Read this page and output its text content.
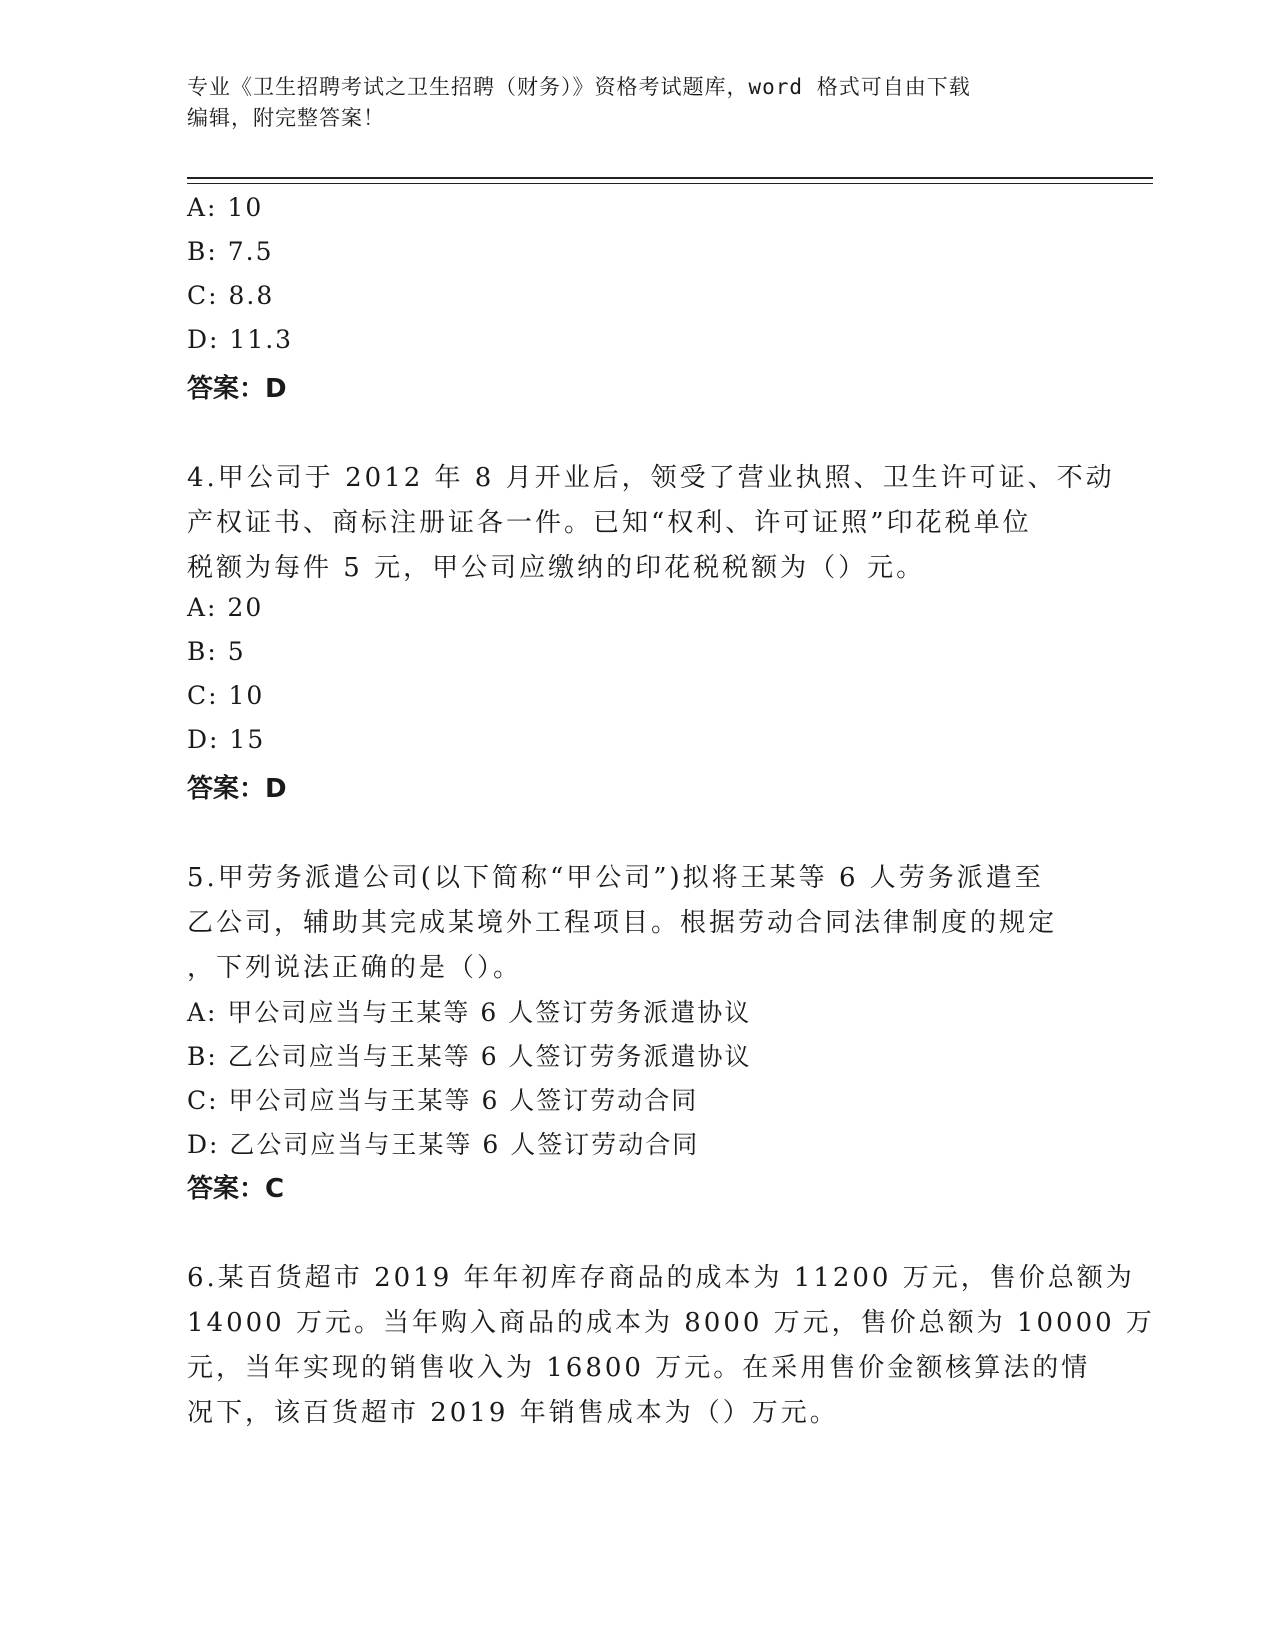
专业《卫生招聘考试之卫生招聘（财务）》资格考试题库，word 格式可自由下载
编辑，附完整答案！
A: 10
B: 7.5
C: 8.8
D: 11.3
答案：D
4.甲公司于 2012 年 8 月开业后，领受了营业执照、卫生许可证、不动
产权证书、商标注册证各一件。已知“权利、许可证照”印花税单位
税额为每件 5 元，甲公司应缴纳的印花税税额为（）元。
A: 20
B: 5
C: 10
D: 15
答案：D
5.甲劳务派遣公司(以下简称“甲公司”)拟将王某等 6 人劳务派遣至
乙公司，辅助其完成某境外工程项目。根据劳动合同法律制度的规定
，下列说法正确的是（）。
A: 甲公司应当与王某等 6 人签订劳务派遣协议
B: 乙公司应当与王某等 6 人签订劳务派遣协议
C: 甲公司应当与王某等 6 人签订劳动合同
D: 乙公司应当与王某等 6 人签订劳动合同
答案：C
6.某百货超市 2019 年年初库存商品的成本为 11200 万元，售价总额为
14000 万元。当年购入商品的成本为 8000 万元，售价总额为 10000 万
元，当年实现的销售收入为 16800 万元。在采用售价金额核算法的情
况下，该百货超市 2019 年销售成本为（）万元。
